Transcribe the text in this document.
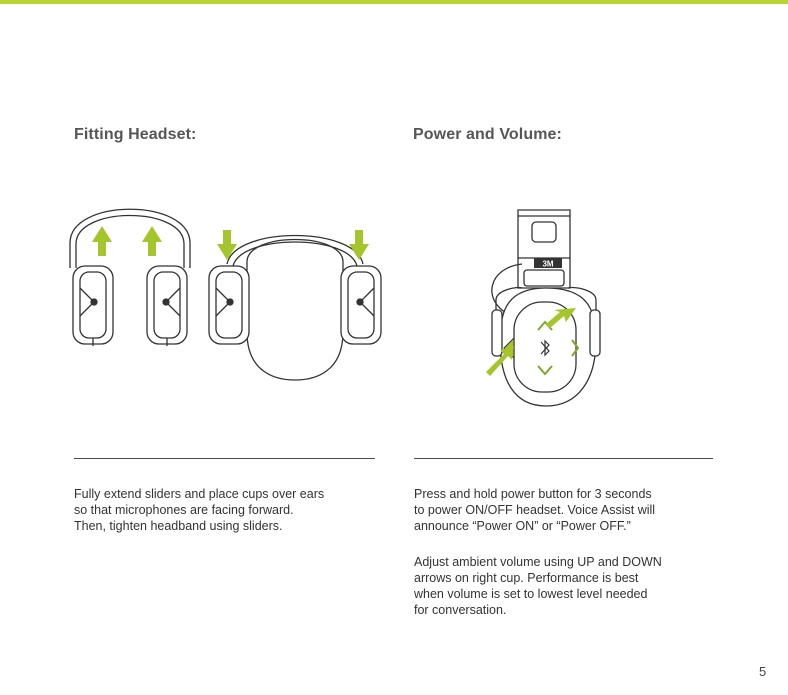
Fitting Headset:	Power and Volume:
3M

Fully extend sliders and place cups over ears
so that microphones are facing forward.
Then, tighten headband using sliders.

Press and hold power button for 3 seconds
to power ON/OFF headset. Voice Assist will
announce “Power ON” or “Power OFF.”

Adjust ambient volume using UP and DOWN
arrows on right cup. Performance is best
when volume is set to lowest level needed
for conversation.

5
